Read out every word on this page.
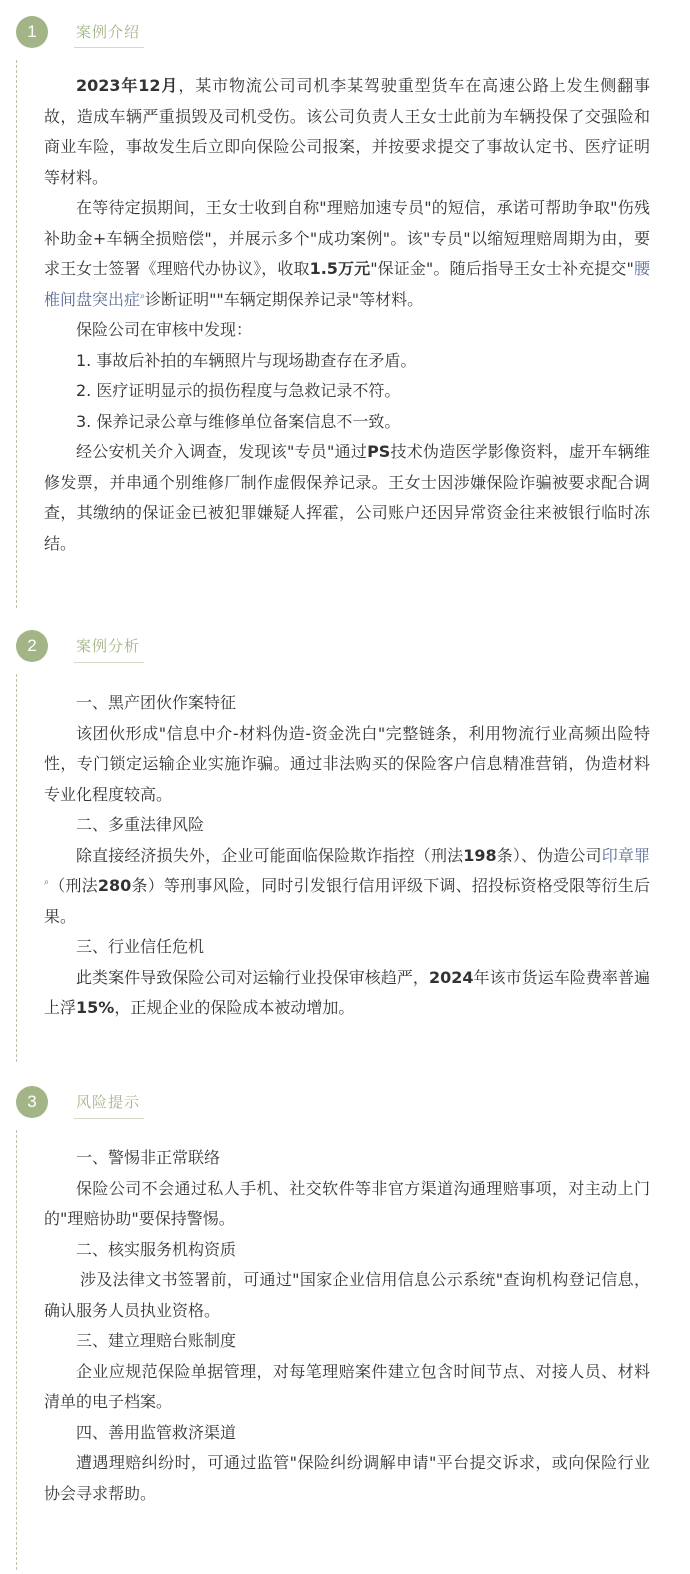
1	案例介绍

2023年12月，某市物流公司司机李某驾驶重型货车在高速公路上发生侧翻事故，造成车辆严重损毁及司机受伤。该公司负责人王女士此前为车辆投保了交强险和商业车险，事故发生后立即向保险公司报案，并按要求提交了事故认定书、医疗证明等材料。

在等待定损期间，王女士收到自称"理赔加速专员"的短信，承诺可帮助争取"伤残补助金+车辆全损赔偿"，并展示多个"成功案例"。该"专员"以缩短理赔周期为由，要求王女士签署《理赔代办协议》，收取1.5万元"保证金"。随后指导王女士补充提交"腰椎间盘突出症⌕诊断证明""车辆定期保养记录"等材料。

保险公司在审核中发现：

1. 事故后补拍的车辆照片与现场勘查存在矛盾。

2. 医疗证明显示的损伤程度与急救记录不符。

3. 保养记录公章与维修单位备案信息不一致。

经公安机关介入调查，发现该"专员"通过PS技术伪造医学影像资料，虚开车辆维修发票，并串通个别维修厂制作虚假保养记录。王女士因涉嫌保险诈骗被要求配合调查，其缴纳的保证金已被犯罪嫌疑人挥霍，公司账户还因异常资金往来被银行临时冻结。

2	案例分析

一、黑产团伙作案特征

该团伙形成"信息中介-材料伪造-资金洗白"完整链条，利用物流行业高频出险特性，专门锁定运输企业实施诈骗。通过非法购买的保险客户信息精准营销，伪造材料专业化程度较高。

二、多重法律风险

除直接经济损失外，企业可能面临保险欺诈指控（刑法198条）、伪造公司印章罪⌕（刑法280条）等刑事风险，同时引发银行信用评级下调、招投标资格受限等衍生后果。

三、行业信任危机

此类案件导致保险公司对运输行业投保审核趋严，2024年该市货运车险费率普遍上浮15%，正规企业的保险成本被动增加。

3	风险提示

一、警惕非正常联络

保险公司不会通过私人手机、社交软件等非官方渠道沟通理赔事项，对主动上门的"理赔协助"要保持警惕。

二、核实服务机构资质

涉及法律文书签署前，可通过"国家企业信用信息公示系统"查询机构登记信息，确认服务人员执业资格。

三、建立理赔台账制度

企业应规范保险单据管理，对每笔理赔案件建立包含时间节点、对接人员、材料清单的电子档案。

四、善用监管救济渠道

遭遇理赔纠纷时，可通过监管"保险纠纷调解申请"平台提交诉求，或向保险行业协会寻求帮助。
